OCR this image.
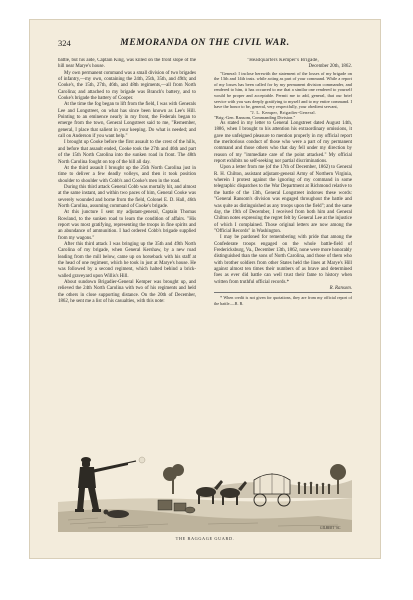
324	MEMORANDA ON THE CIVIL WAR.

battle, but his aide, Captain King, was killed on the front slope of the hill near Marye's house.

My own permanent command was a small division of two brigades of infantry,—my own, containing the 24th, 25th, 35th, and 49th; and Cooke's, the 15th, 27th, 46th, and 48th regiments,—all from North Carolina; and attached to my brigade was Branch's battery, and to Cooke's brigade the battery of Cooper.

At the time the fog began to lift from the field, I was with Generals Lee and Longstreet, on what has since been known as Lee's Hill. Pointing to an eminence nearly in my front, the Federals began to emerge from the town, General Longstreet said to me, "Remember, general, I place that salient in your keeping. Do what is needed; and call on Anderson if you want help."

I brought up Cooke before the first assault to the crest of the hills, and before that assault ended, Cooke took the 27th and 46th and part of the 15th North Carolina into the sunken road in front. The 48th North Carolina fought on top of the hill all day.

At the third assault I brought up the 25th North Carolina just in time to deliver a few deadly volleys, and then it took position shoulder to shoulder with Cobb's and Cooke's men in the road.

During this third attack General Cobb was mortally hit, and almost at the same instant, and within two paces of him, General Cooke was severely wounded and borne from the field, Colonel E. D. Hall, 46th North Carolina, assuming command of Cooke's brigade.

At this juncture I sent my adjutant-general, Captain Thomas Rowland, to the sunken road to learn the condition of affairs. "His report was most gratifying, representing the troops in fine spirits and an abundance of ammunition. I had ordered Cobb's brigade supplied from my wagons."

After this third attack I was bringing up the 35th and 49th North Carolina of my brigade, when General Kershaw, by a new road leading from the mill below, came up on horseback with his staff at the head of one regiment, which he took in just at Marye's house. He was followed by a second regiment, which halted behind a brick-walled graveyard upon Willis's Hill.

About sundown Brigadier-General Kemper was brought up, and relieved the 24th North Carolina with two of his regiments and held the others in close supporting distance. On the 20th of December, 1862, he sent me a list of his casualties, with this note:

"Headquarters Kemper's Brigade,

December 20th, 1862.

"General: I inclose herewith the statement of the losses of my brigade on the 13th and 14th insts. while acting as part of your command. While a report of my losses has been called for by my permanent division commander, and rendered to him, it has occurred to me that a similar one rendered to yourself would be proper and acceptable. Permit me to add, general, that our brief service with you was deeply gratifying to myself and to my entire command. I have the honor to be, general, very respectfully, your obedient servant,

"J. L. Kemper, Brigadier-General.

"Brig.-Gen. Ransom, Commanding Division."

As stated in my letter to General Longstreet dated August 14th, 1886, when I brought to his attention his extraordinary omissions, it gave me unfeigned pleasure to mention properly in my official report the meritorious conduct of those who were a part of my permanent command and those others who that day fell under my direction by reason of my "immediate care of the point attacked." My official report exhibits no self-seeking nor partial discriminations.

Upon a letter from me (of the 17th of December, 1862) to General R. H. Chilton, assistant adjutant-general Army of Northern Virginia, wherein I protest against the ignoring of my command in some telegraphic dispatches to the War Department at Richmond relative to the battle of the 13th, General Longstreet indorses these words: "General Ransom's division was engaged throughout the battle and was quite as distinguished as any troops upon the field"; and the same day, the 19th of December, I received from both him and General Chilton notes expressing the regret felt by General Lee at the injustice of which I complained. Those original letters are now among the "Official Records" in Washington.

I may be pardoned for remembering with pride that among the Confederate troops engaged on the whole battle-field of Fredericksburg, Va., December 13th, 1862, none were more honorably distinguished than the sons of North Carolina, and those of them who with brother soldiers from other States held the lines at Marye's Hill against almost ten times their numbers of as brave and determined foes as ever did battle can well trust their fame to history when written from truthful official records.*

R. Ransom.

* When credit is not given for quotations, they are from my official report of the battle.—R. R.

GILBERT 'SC.
THE BAGGAGE GUARD.
